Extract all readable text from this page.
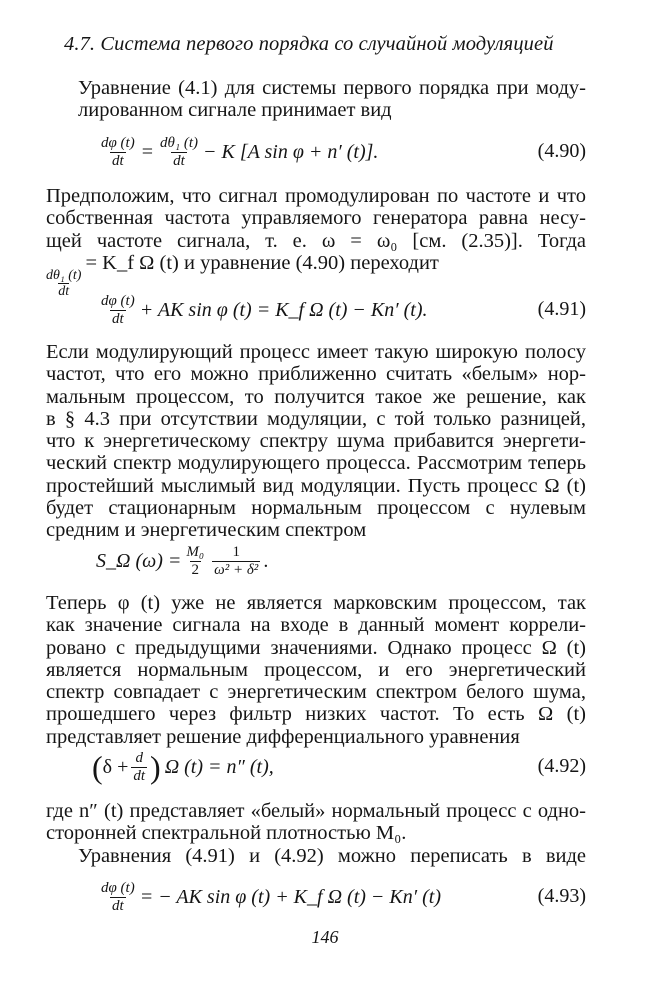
4.7. Система первого порядка со случайной модуляцией
Уравнение (4.1) для системы первого порядка при моду-
лированном сигнале принимает вид
$\frac{d\varphi (t)}{dt} = \frac{\text{dθ₁ (t)}}{dt} - K$ [A sin φ + n′ (t)].	(4.90)
Предположим, что сигнал промодулирован по частоте и что
собственная частота управляемого генератора равна несу-
щей частоте сигнала, т. е. ω = ω₀ [см. (2.35)]. Тогда
$\frac{\text{dθ₁ (t)}}{dt}$
= K_f Ω (t) и уравнение (4.90) переходит
$\frac{d\varphi (t)}{dt}$ + AK sin φ (t) = K_f Ω (t) − Kn′ (t).	(4.91)
Если модулирующий процесс имеет такую широкую полосу
частот, что его можно приближенно считать «белым» нор-
мальным процессом, то получится такое же решение, как
в § 4.3 при отсутствии модуляции, с той только разницей,
что к энергетическому спектру шума прибавится энергети-
ческий спектр модулирующего процесса. Рассмотрим теперь
простейший мыслимый вид модуляции. Пусть процесс Ω (t)
будет стационарным нормальным процессом с нулевым
средним и энергетическим спектром
S_Ω $(\omega) = \frac{\text{M₀}}{2} \frac{1}{\text{ω² + δ²}}$ .
Теперь φ (t) уже не является марковским процессом, так
как значение сигнала на входе в данный момент коррели-
ровано с предыдущими значениями. Однако процесс Ω (t)
является нормальным процессом, и его энергетический
спектр совпадает с энергетическим спектром белого шума,
прошедшего через фильтр низких частот. То есть Ω (t)
представляет решение дифференциального уравнения
( $\delta + \frac{d}{dt}$ ) Ω (t) = n″ (t),	(4.92)
где n″ (t) представляет «белый» нормальный процесс с одно-
сторонней спектральной плотностью M₀.
Уравнения (4.91) и (4.92) можно переписать в виде
$\frac{d\varphi (t)}{dt}$ = − AK sin φ (t) + K_f Ω (t) − Kn′ (t)	(4.93)
146
